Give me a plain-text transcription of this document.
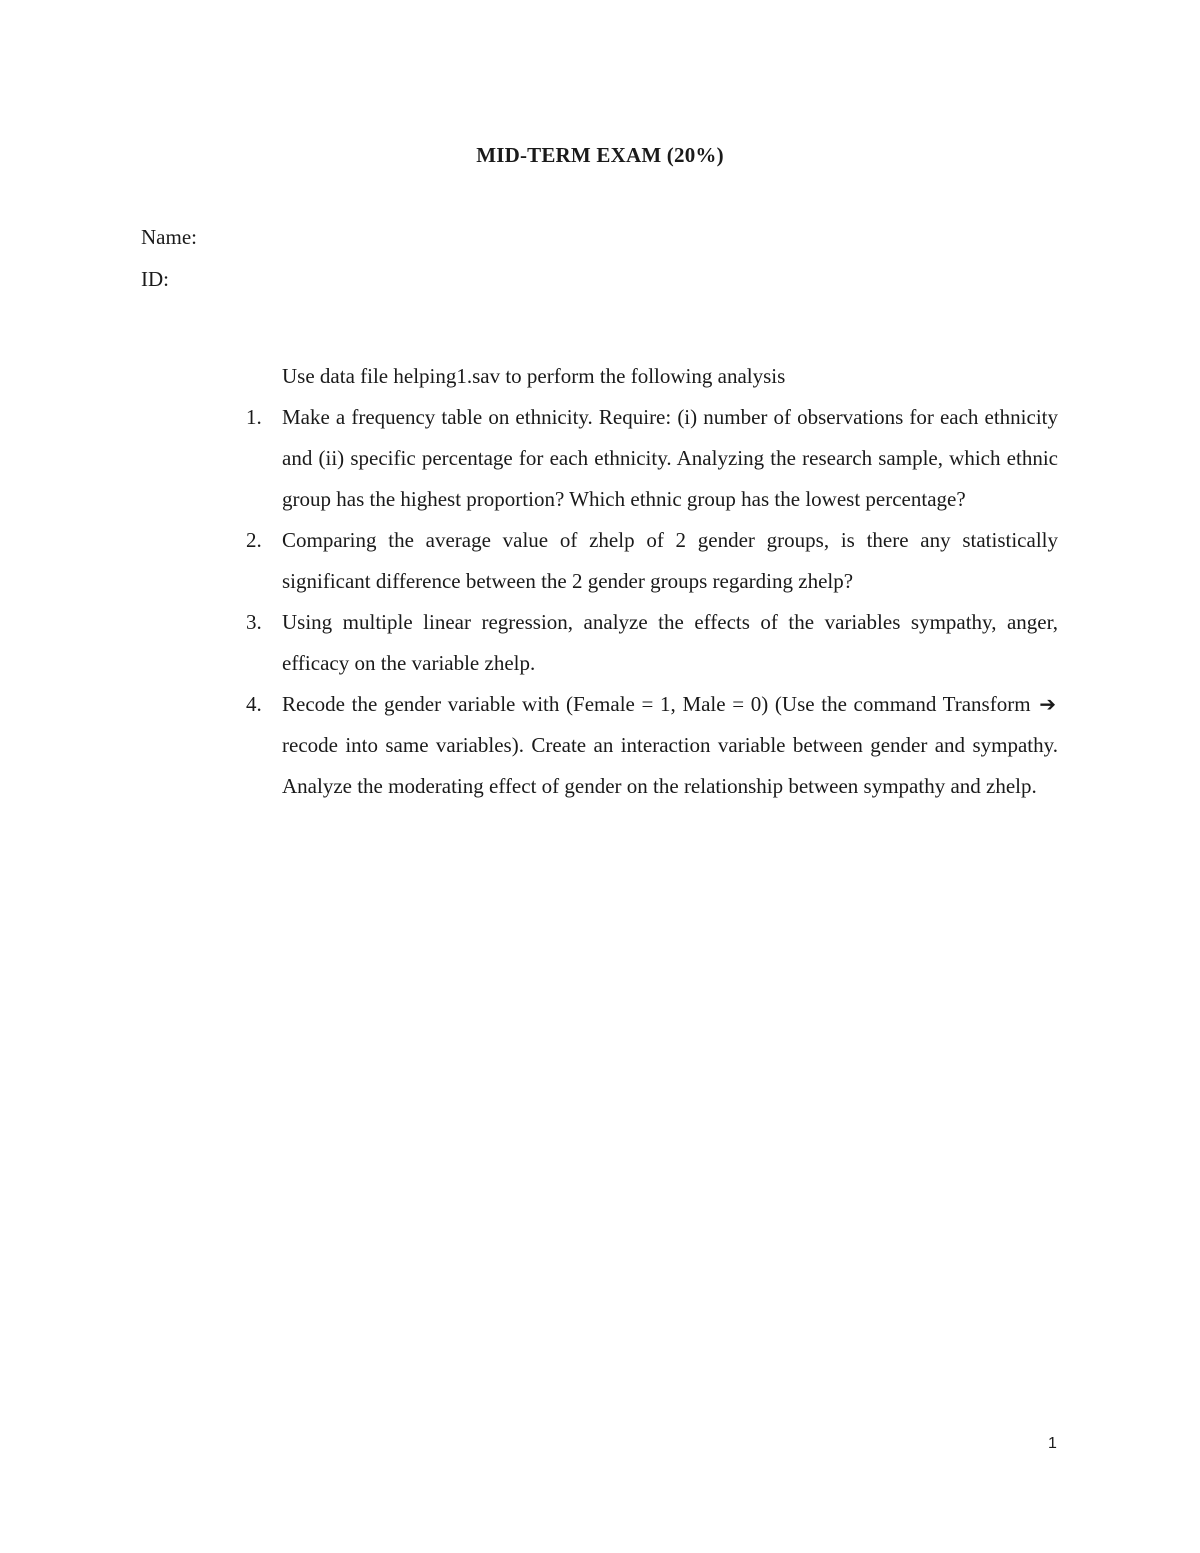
MID-TERM EXAM (20%)
Name:
ID:

Use data file helping1.sav to perform the following analysis

1. Make a frequency table on ethnicity. Require: (i) number of observations for each ethnicity and (ii) specific percentage for each ethnicity. Analyzing the research sample, which ethnic group has the highest proportion? Which ethnic group has the lowest percentage?
2. Comparing the average value of zhelp of 2 gender groups, is there any statistically significant difference between the 2 gender groups regarding zhelp?
3. Using multiple linear regression, analyze the effects of the variables sympathy, anger, efficacy on the variable zhelp.
4. Recode the gender variable with (Female = 1, Male = 0) (Use the command Transform ➔ recode into same variables). Create an interaction variable between gender and sympathy. Analyze the moderating effect of gender on the relationship between sympathy and zhelp.
1
